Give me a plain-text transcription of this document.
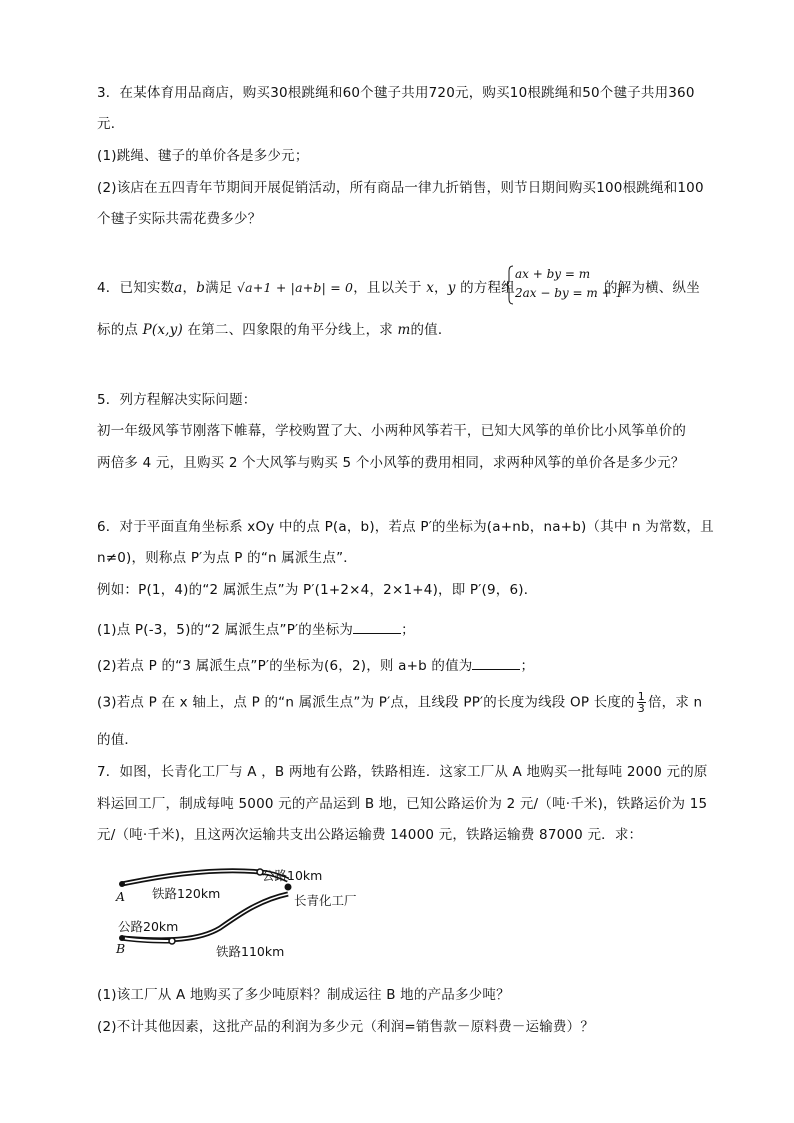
3．在某体育用品商店，购买30根跳绳和60个毽子共用720元，购买10根跳绳和50个毽子共用360
元．
(1)跳绳、毽子的单价各是多少元；
(2)该店在五四青年节期间开展促销活动，所有商品一律九折销售，则节日期间购买100根跳绳和100
个毽子实际共需花费多少？
4．已知实数a，b满足 √a+1 + |a+b| = 0，且以关于 x，y 的方程组
ax + by = m
2ax − by = m + 1
的解为横、纵坐
标的点 P(x,y) 在第二、四象限的角平分线上，求 m的值．
5．列方程解决实际问题：
初一年级风筝节刚落下帷幕，学校购置了大、小两种风筝若干，已知大风筝的单价比小风筝单价的
两倍多 4 元，且购买 2 个大风筝与购买 5 个小风筝的费用相同，求两种风筝的单价各是多少元？
6．对于平面直角坐标系 xOy 中的点 P(a，b)，若点 P′的坐标为(a+nb，na+b)（其中 n 为常数，且
n≠0)，则称点 P′为点 P 的“n 属派生点”．
例如：P(1，4)的“2 属派生点”为 P′(1+2×4，2×1+4)，即 P′(9，6)．
(1)点 P(-3，5)的“2 属派生点”P′的坐标为	；
(2)若点 P 的“3 属派生点”P′的坐标为(6，2)，则 a+b 的值为	；
(3)若点 P 在 x 轴上，点 P 的“n 属派生点”为 P′点，且线段 PP′的长度为线段 OP 长度的 $\frac{1}{3}$ 倍，求 n
的值．
7．如图，长青化工厂与 A ，B 两地有公路，铁路相连．这家工厂从 A 地购买一批每吨 2000 元的原
料运回工厂，制成每吨 5000 元的产品运到 B 地，已知公路运价为 2 元/（吨·千米)，铁路运价为 15
元/（吨·千米)，且这两次运输共支出公路运输费 14000 元，铁路运输费 87000 元．求：
公路10km
铁路120km
A	长青化工厂
公路20km
B	铁路110km
(1)该工厂从 A 地购买了多少吨原料？制成运往 B 地的产品多少吨？
(2)不计其他因素，这批产品的利润为多少元（利润=销售款－原料费－运输费）？
